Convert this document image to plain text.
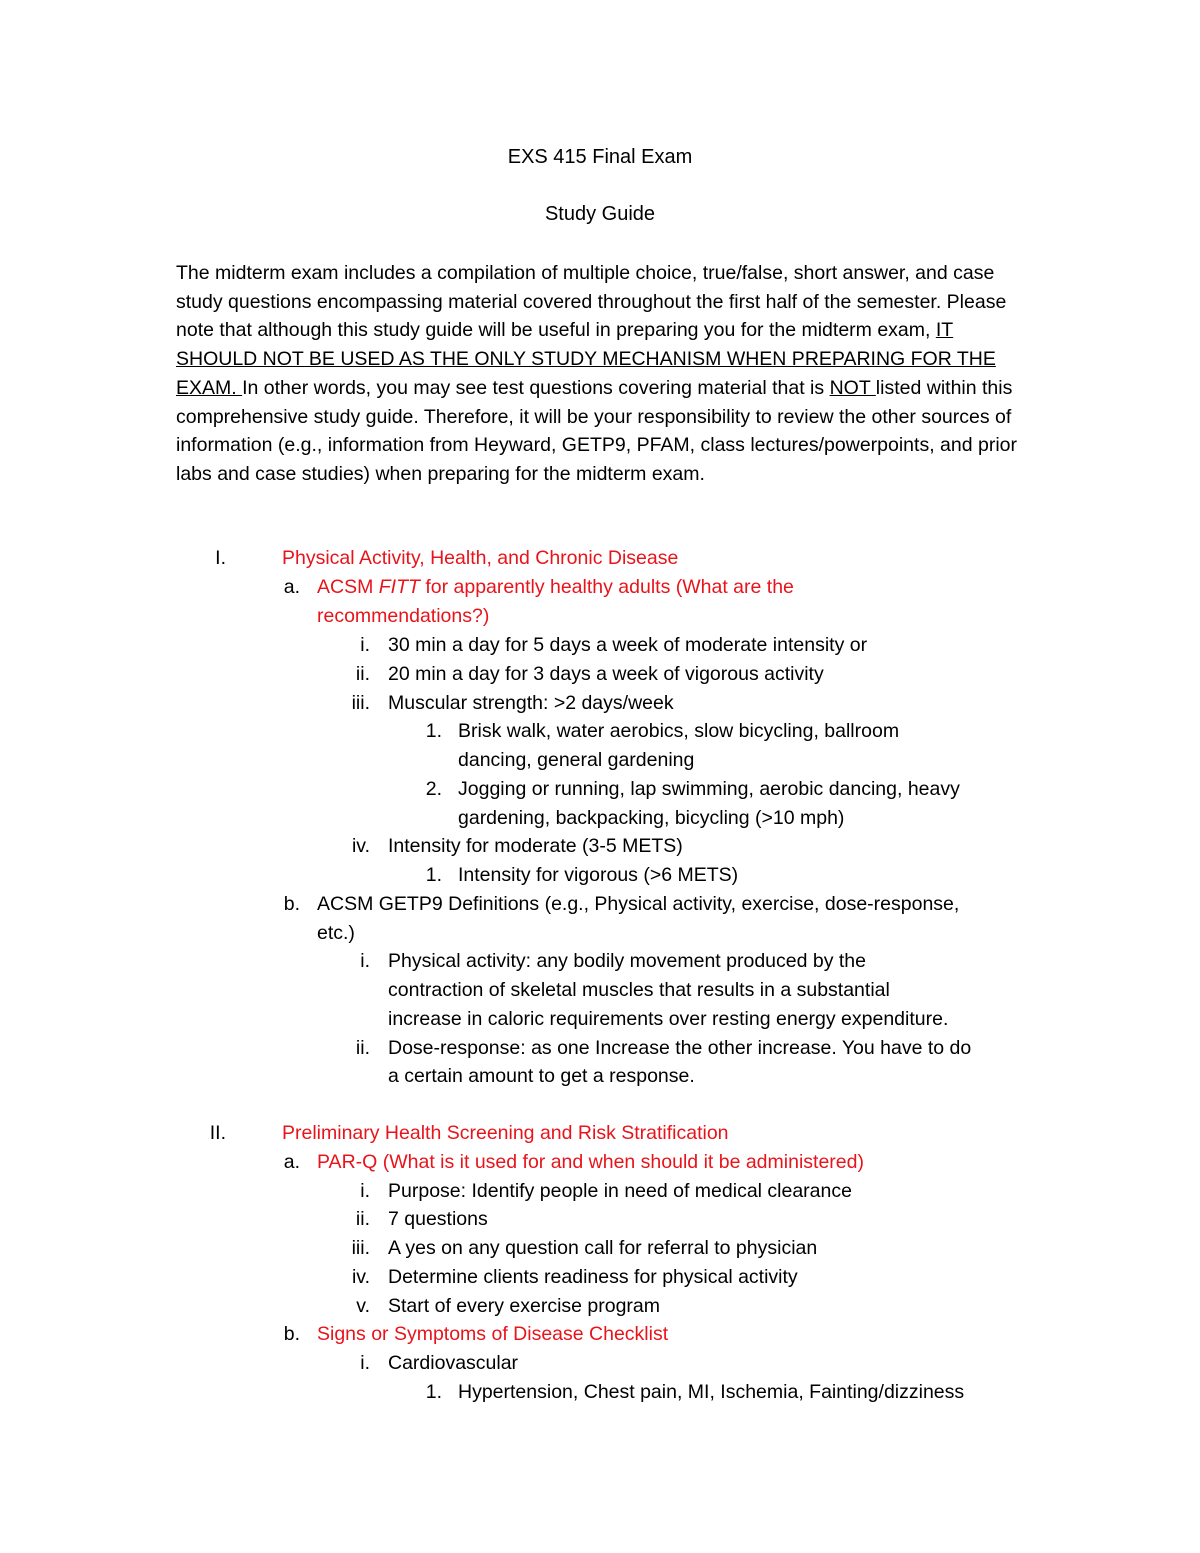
EXS 415 Final Exam
Study Guide

The midterm exam includes a compilation of multiple choice, true/false, short answer, and case study questions encompassing material covered throughout the first half of the semester. Please note that although this study guide will be useful in preparing you for the midterm exam, IT SHOULD NOT BE USED AS THE ONLY STUDY MECHANISM WHEN PREPARING FOR THE EXAM. In other words, you may see test questions covering material that is NOT listed within this comprehensive study guide. Therefore, it will be your responsibility to review the other sources of information (e.g., information from Heyward, GETP9, PFAM, class lectures/powerpoints, and prior labs and case studies) when preparing for the midterm exam.

I.	Physical Activity, Health, and Chronic Disease
a. ACSM FITT for apparently healthy adults (What are the
recommendations?)
i. 30 min a day for 5 days a week of moderate intensity or
ii. 20 min a day for 3 days a week of vigorous activity
iii. Muscular strength: >2 days/week
1. Brisk walk, water aerobics, slow bicycling, ballroom
dancing, general gardening
2. Jogging or running, lap swimming, aerobic dancing, heavy
gardening, backpacking, bicycling (>10 mph)
iv. Intensity for moderate (3-5 METS)
1. Intensity for vigorous (>6 METS)
b. ACSM GETP9 Definitions (e.g., Physical activity, exercise, dose-response,
etc.)
i. Physical activity: any bodily movement produced by the
contraction of skeletal muscles that results in a substantial
increase in caloric requirements over resting energy expenditure.
ii. Dose-response: as one Increase the other increase. You have to do
a certain amount to get a response.
II.	Preliminary Health Screening and Risk Stratification
a. PAR-Q (What is it used for and when should it be administered)
i. Purpose: Identify people in need of medical clearance
ii. 7 questions
iii. A yes on any question call for referral to physician
iv. Determine clients readiness for physical activity
v. Start of every exercise program
b. Signs or Symptoms of Disease Checklist
i. Cardiovascular
1. Hypertension, Chest pain, MI, Ischemia, Fainting/dizziness
